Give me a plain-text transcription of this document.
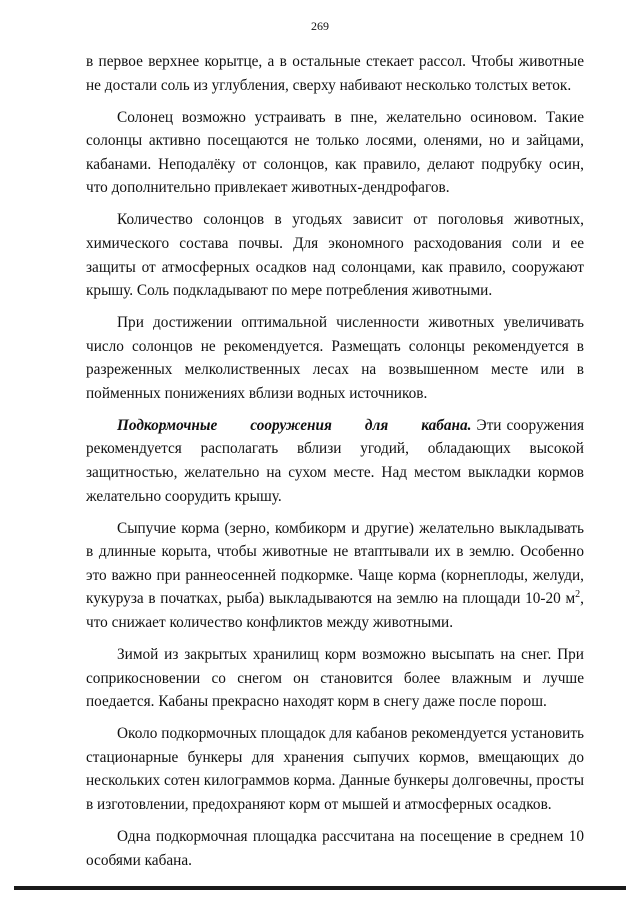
269

в первое верхнее корытце, а в остальные стекает рассол. Чтобы животные не достали соль из углубления, сверху набивают несколько толстых веток.

Солонец возможно устраивать в пне, желательно осиновом. Такие солонцы активно посещаются не только лосями, оленями, но и зайцами, кабанами. Неподалёку от солонцов, как правило, делают подрубку осин, что дополнительно привлекает животных-дендрофагов.

Количество солонцов в угодьях зависит от поголовья животных, химического состава почвы. Для экономного расходования соли и ее защиты от атмосферных осадков над солонцами, как правило, сооружают крышу. Соль подкладывают по мере потребления животными.

При достижении оптимальной численности животных увеличивать число солонцов не рекомендуется. Размещать солонцы рекомендуется в разреженных мелколиственных лесах на возвышенном месте или в пойменных понижениях вблизи водных источников.

Подкормочные сооружения для кабана. Эти сооружения рекомендуется располагать вблизи угодий, обладающих высокой защитностью, желательно на сухом месте. Над местом выкладки кормов желательно соорудить крышу.

Сыпучие корма (зерно, комбикорм и другие) желательно выкладывать в длинные корыта, чтобы животные не втаптывали их в землю. Особенно это важно при раннеосенней подкормке. Чаще корма (корнеплоды, желуди, кукуруза в початках, рыба) выкладываются на землю на площади 10-20 $м^2$, что снижает количество конфликтов между животными.

Зимой из закрытых хранилищ корм возможно высыпать на снег. При соприкосновении со снегом он становится более влажным и лучше поедается. Кабаны прекрасно находят корм в снегу даже после порош.

Около подкормочных площадок для кабанов рекомендуется установить стационарные бункеры для хранения сыпучих кормов, вмещающих до нескольких сотен килограммов корма. Данные бункеры долговечны, просты в изготовлении, предохраняют корм от мышей и атмосферных осадков.

Одна подкормочная площадка рассчитана на посещение в среднем 10 особями кабана.
